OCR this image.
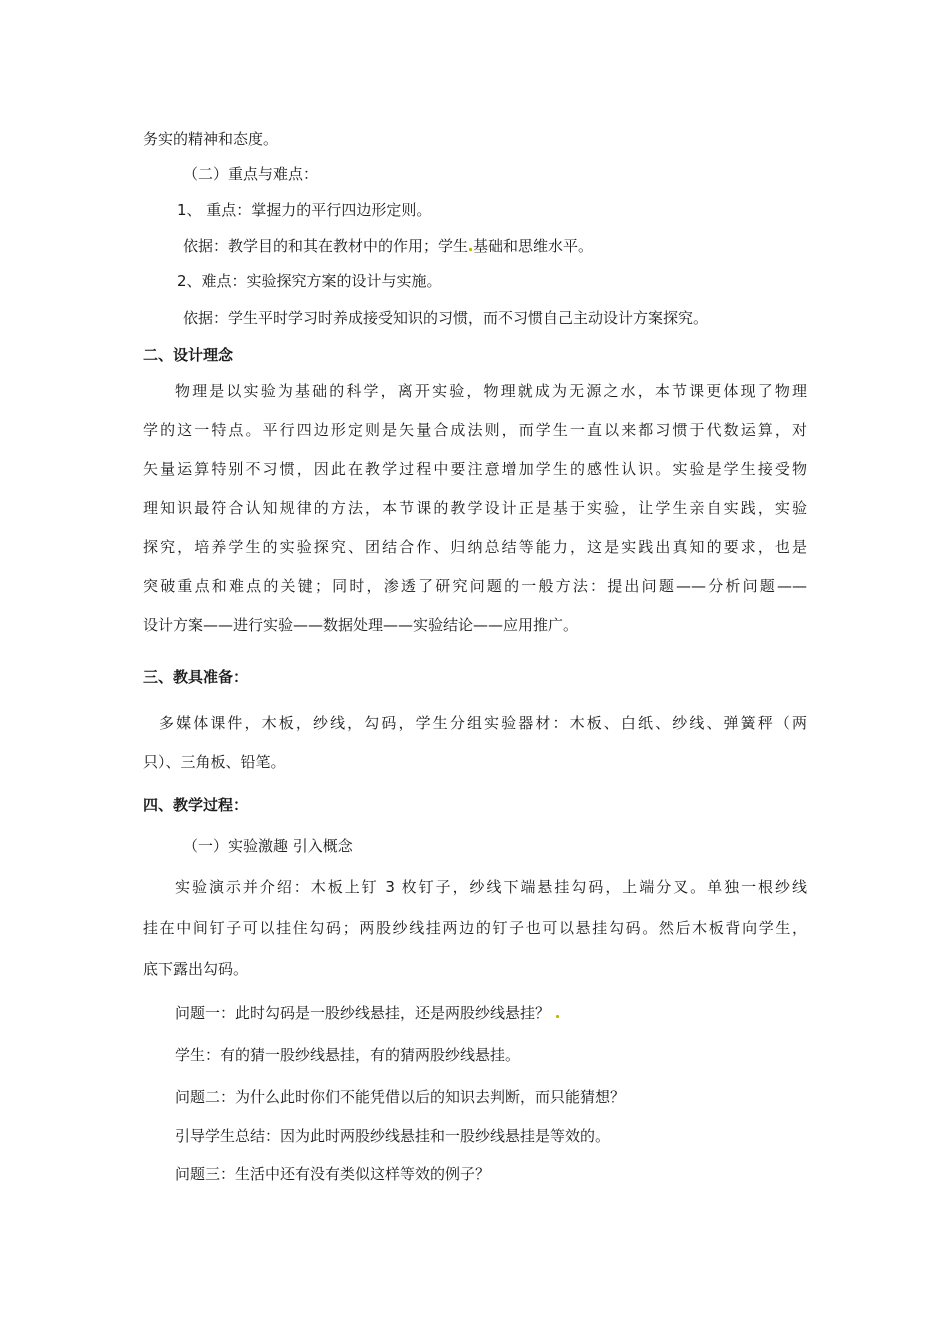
务实的精神和态度。
（二）重点与难点：
1、 重点：掌握力的平行四边形定则。
依据：教学目的和其在教材中的作用；学生 基础和思维水平。
2、难点：实验探究方案的设计与实施。
依据：学生平时学习时养成接受知识的习惯，而不习惯自己主动设计方案探究。
二、设计理念
物理是以实验为基础的科学，离开实验，物理就成为无源之水，本节课更体现了物理
学的这一特点。平行四边形定则是矢量合成法则，而学生一直以来都习惯于代数运算，对
矢量运算特别不习惯，因此在教学过程中要注意增加学生的感性认识。实验是学生接受物
理知识最符合认知规律的方法，本节课的教学设计正是基于实验，让学生亲自实践，实验
探究，培养学生的实验探究、团结合作、归纳总结等能力，这是实践出真知的要求，也是
突破重点和难点的关键；同时，渗透了研究问题的一般方法：提出问题——分析问题——
设计方案——进行实验——数据处理——实验结论——应用推广。
三、教具准备：
多媒体课件，木板，纱线，勾码，学生分组实验器材：木板、白纸、纱线、弹簧秤（两
只）、三角板、铅笔。
四、教学过程：
（一）实验激趣 引入概念
实验演示并介绍：木板上钉 3 枚钉子，纱线下端悬挂勾码，上端分叉。单独一根纱线
挂在中间钉子可以挂住勾码；两股纱线挂两边的钉子也可以悬挂勾码。然后木板背向学生，
底下露出勾码。
问题一：此时勾码是一股纱线悬挂，还是两股纱线悬挂？
学生：有的猜一股纱线悬挂，有的猜两股纱线悬挂。
问题二：为什么此时你们不能凭借以后的知识去判断，而只能猜想？
引导学生总结：因为此时两股纱线悬挂和一股纱线悬挂是等效的。
问题三：生活中还有没有类似这样等效的例子？
